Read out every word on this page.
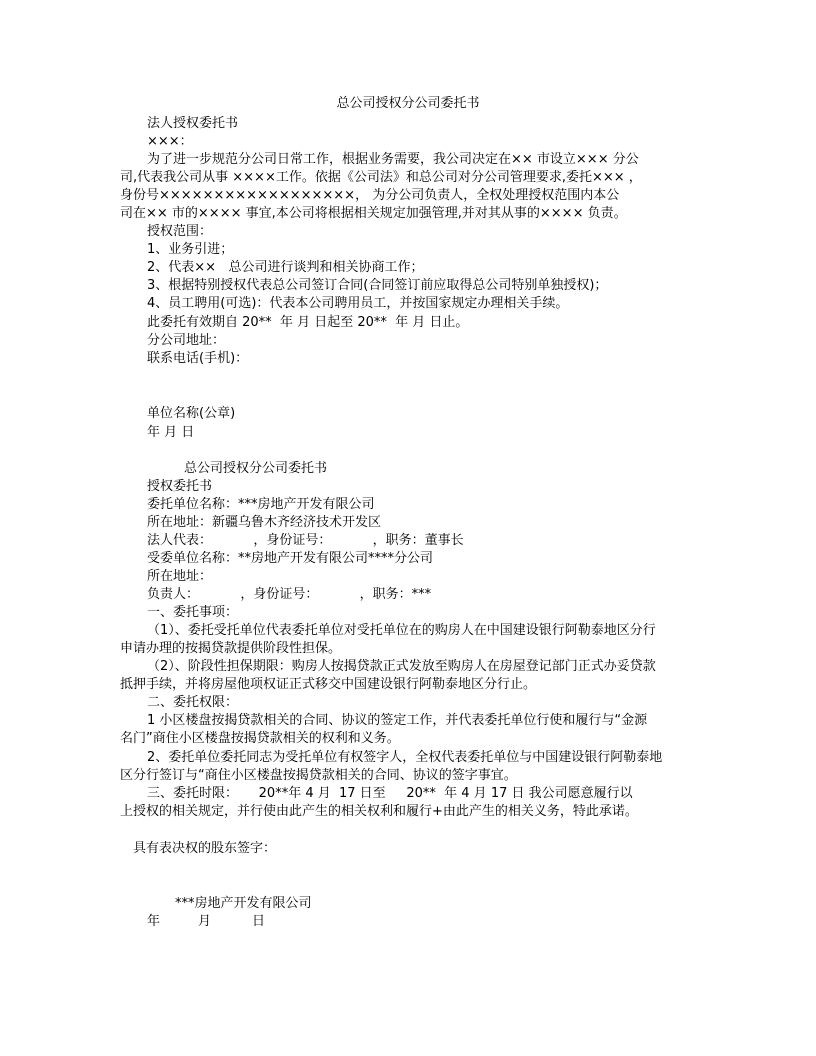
总公司授权分公司委托书
法人授权委托书
×××：
为了进一步规范分公司日常工作，根据业务需要，我公司决定在×× 市设立××× 分公
司,代表我公司从事 ××××工作。依据《公司法》和总公司对分公司管理要求,委托××× ，
身份号××××××××××××××××××， 为分公司负责人，全权处理授权范围内本公
司在×× 市的×××× 事宜,本公司将根据相关规定加强管理,并对其从事的×××× 负责。
授权范围：
1、业务引进；
2、代表××   总公司进行谈判和相关协商工作；
3、根据特别授权代表总公司签订合同(合同签订前应取得总公司特别单独授权)；
4、员工聘用(可选)：代表本公司聘用员工，并按国家规定办理相关手续。
此委托有效期自 20**  年 月 日起至 20**  年 月 日止。
分公司地址：
联系电话(手机)：
单位名称(公章)
年 月 日
总公司授权分公司委托书
授权委托书
委托单位名称：***房地产开发有限公司
所在地址：新疆乌鲁木齐经济技术开发区
法人代表：          ，身份证号：          ，职务：董事长
受委单位名称：**房地产开发有限公司****分公司
所在地址：
负责人：          ，身份证号：          ，职务：***
一、委托事项：
（1）、委托受托单位代表委托单位对受托单位在的购房人在中国建设银行阿勒泰地区分行
申请办理的按揭贷款提供阶段性担保。
（2）、阶段性担保期限：购房人按揭贷款正式发放至购房人在房屋登记部门正式办妥贷款
抵押手续，并将房屋他项权证正式移交中国建设银行阿勒泰地区分行止。
二、委托权限：
1 小区楼盘按揭贷款相关的合同、协议的签定工作，并代表委托单位行使和履行与“金源
名门”商住小区楼盘按揭贷款相关的权利和义务。
2、委托单位委托同志为受托单位有权签字人，全权代表委托单位与中国建设银行阿勒泰地
区分行签订与“商住小区楼盘按揭贷款相关的合同、协议的签字事宜。
三、委托时限：     20**年 4 月  17 日至     20**  年 4 月 17 日 我公司愿意履行以
上授权的相关规定，并行使由此产生的相关权利和履行+由此产生的相关义务，特此承诺。
具有表决权的股东签字：
***房地产开发有限公司
年	月	日
